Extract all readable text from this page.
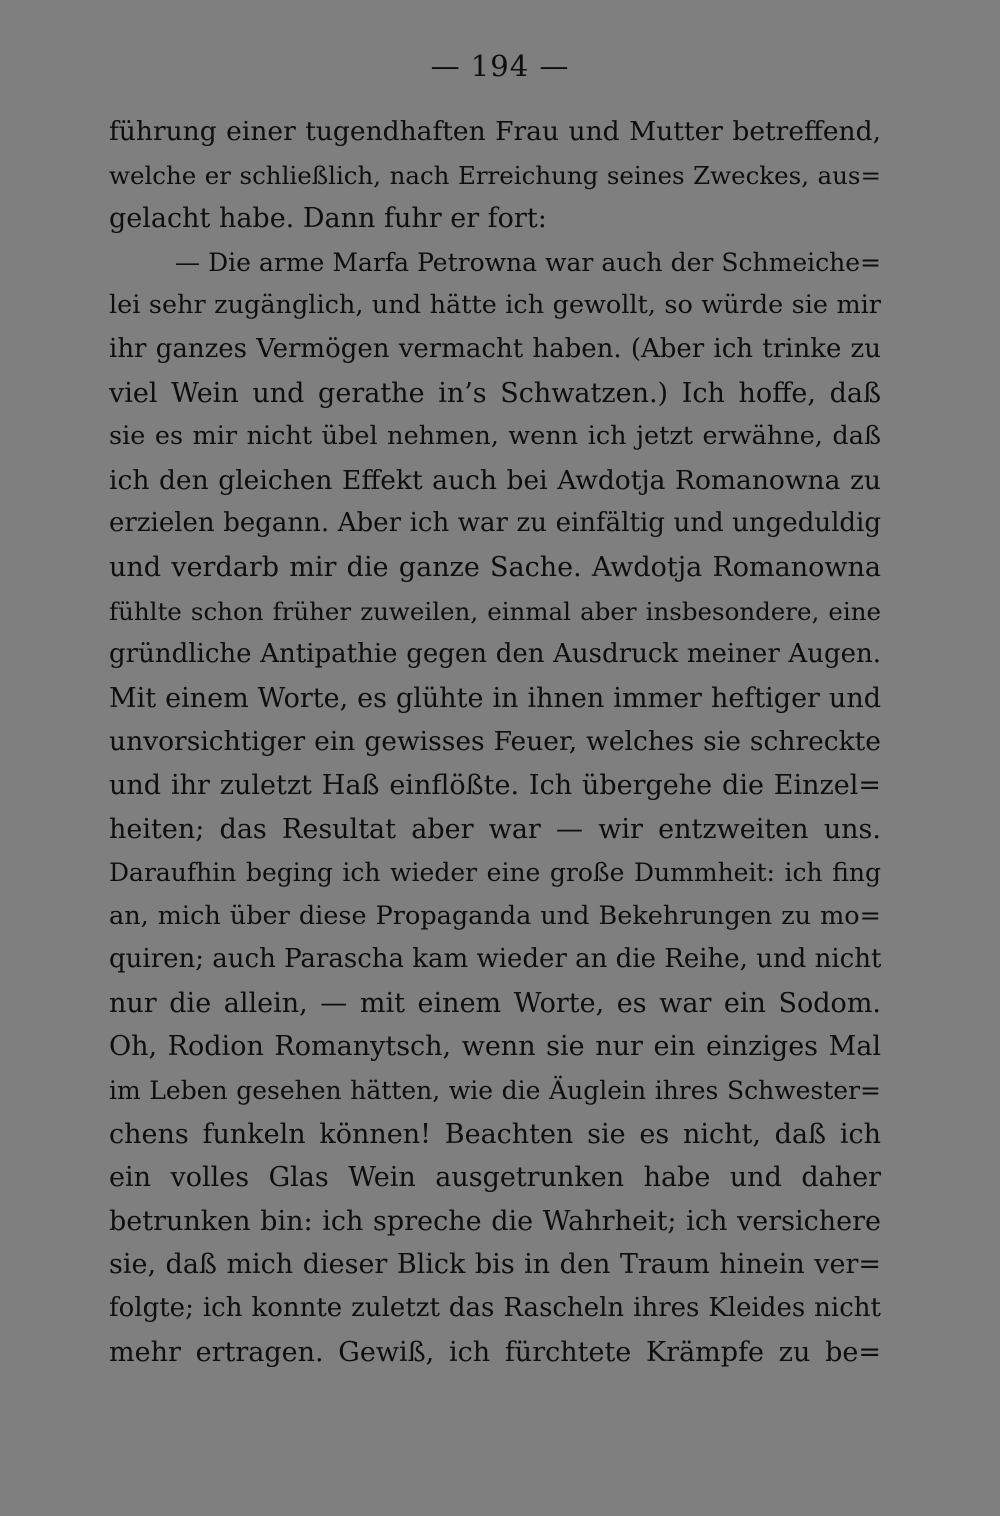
— 194 —
führung einer tugendhaften Frau und Mutter betreffend,
welche er schließlich, nach Erreichung seines Zweckes, aus=
gelacht habe. Dann fuhr er fort:
— Die arme Marfa Petrowna war auch der Schmeiche=
lei sehr zugänglich, und hätte ich gewollt, so würde sie mir
ihr ganzes Vermögen vermacht haben. (Aber ich trinke zu
viel Wein und gerathe in’s Schwatzen.) Ich hoffe, daß
sie es mir nicht übel nehmen, wenn ich jetzt erwähne, daß
ich den gleichen Effekt auch bei Awdotja Romanowna zu
erzielen begann. Aber ich war zu einfältig und ungeduldig
und verdarb mir die ganze Sache. Awdotja Romanowna
fühlte schon früher zuweilen, einmal aber insbesondere, eine
gründliche Antipathie gegen den Ausdruck meiner Augen.
Mit einem Worte, es glühte in ihnen immer heftiger und
unvorsichtiger ein gewisses Feuer, welches sie schreckte
und ihr zuletzt Haß einflößte. Ich übergehe die Einzel=
heiten; das Resultat aber war — wir entzweiten uns.
Daraufhin beging ich wieder eine große Dummheit: ich fing
an, mich über diese Propaganda und Bekehrungen zu mo=
quiren; auch Parascha kam wieder an die Reihe, und nicht
nur die allein, — mit einem Worte, es war ein Sodom.
Oh, Rodion Romanytsch, wenn sie nur ein einziges Mal
im Leben gesehen hätten, wie die Äuglein ihres Schwester=
chens funkeln können! Beachten sie es nicht, daß ich
ein volles Glas Wein ausgetrunken habe und daher
betrunken bin: ich spreche die Wahrheit; ich versichere
sie, daß mich dieser Blick bis in den Traum hinein ver=
folgte; ich konnte zuletzt das Rascheln ihres Kleides nicht
mehr ertragen. Gewiß, ich fürchtete Krämpfe zu be=
